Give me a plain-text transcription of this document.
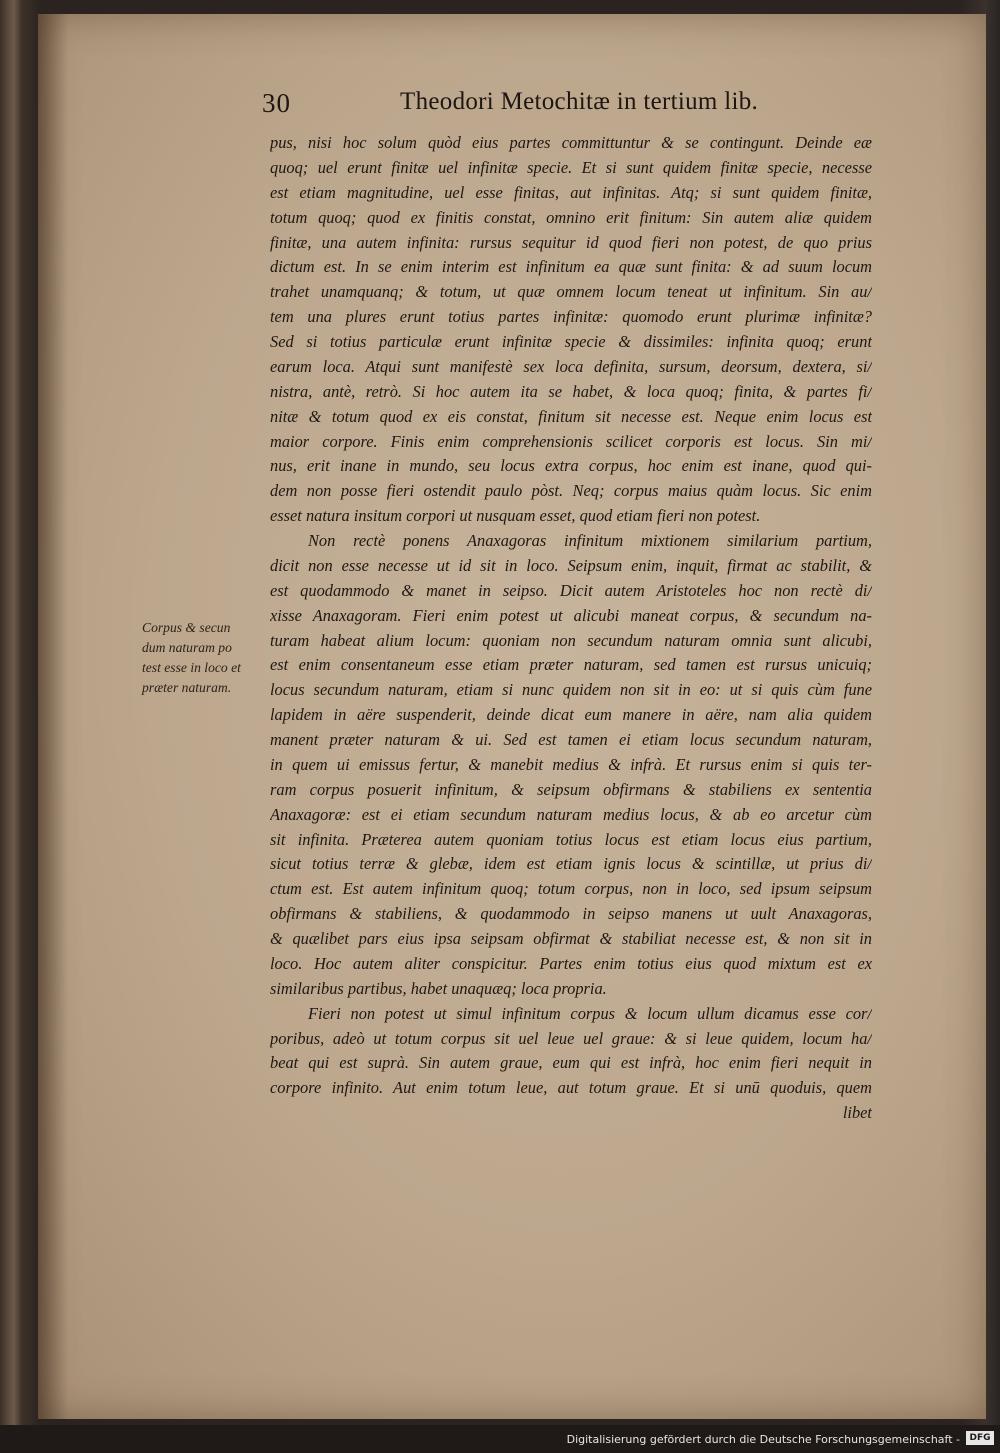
30	Theodori Metochitæ in tertium lib.
pus, nisi hoc solum quòd eius partes committuntur & se contingunt. Deinde eæ
quoq; uel erunt finitæ uel infinitæ specie. Et si sunt quidem finitæ specie, necesse
est etiam magnitudine, uel esse finitas, aut infinitas. Atq; si sunt quidem finitæ,
totum quoq; quod ex finitis constat, omnino erit finitum: Sin autem aliæ quidem
finitæ, una autem infinita: rursus sequitur id quod fieri non potest, de quo prius
dictum est. In se enim interim est infinitum ea quæ sunt finita: & ad suum locum
trahet unamquanq; & totum, ut quæ omnem locum teneat ut infinitum. Sin au/
tem una plures erunt totius partes infinitæ: quomodo erunt plurimæ infinitæ?
Sed si totius particulæ erunt infinitæ specie & dissimiles: infinita quoq; erunt
earum loca. Atqui sunt manifestè sex loca definita, sursum, deorsum, dextera, si/
nistra, antè, retrò. Si hoc autem ita se habet, & loca quoq; finita, & partes fi/
nitæ & totum quod ex eis constat, finitum sit necesse est. Neque enim locus est
maior corpore. Finis enim comprehensionis scilicet corporis est locus. Sin mi/
nus, erit inane in mundo, seu locus extra corpus, hoc enim est inane, quod qui-
dem non posse fieri ostendit paulo pòst. Neq; corpus maius quàm locus. Sic enim
esset natura insitum corpori ut nusquam esset, quod etiam fieri non potest.
Non rectè ponens Anaxagoras infinitum mixtionem similarium partium,
dicit non esse necesse ut id sit in loco. Seipsum enim, inquit, firmat ac stabilit, &
est quodammodo & manet in seipso. Dicit autem Aristoteles hoc non rectè di/
xisse Anaxagoram. Fieri enim potest ut alicubi maneat corpus, & secundum na-
turam habeat alium locum: quoniam non secundum naturam omnia sunt alicubi,
est enim consentaneum esse etiam præter naturam, sed tamen est rursus unicuiq;
locus secundum naturam, etiam si nunc quidem non sit in eo: ut si quis cùm fune
lapidem in aëre suspenderit, deinde dicat eum manere in aëre, nam alia quidem
manent præter naturam & ui. Sed est tamen ei etiam locus secundum naturam,
in quem ui emissus fertur, & manebit medius & infrà. Et rursus enim si quis ter-
ram corpus posuerit infinitum, & seipsum obfirmans & stabiliens ex sententia
Anaxagoræ: est ei etiam secundum naturam medius locus, & ab eo arcetur cùm
sit infinita. Præterea autem quoniam totius locus est etiam locus eius partium,
sicut totius terræ & glebæ, idem est etiam ignis locus & scintillæ, ut prius di/
ctum est. Est autem infinitum quoq; totum corpus, non in loco, sed ipsum seipsum
obfirmans & stabiliens, & quodammodo in seipso manens ut uult Anaxagoras,
& quælibet pars eius ipsa seipsam obfirmat & stabiliat necesse est, & non sit in
loco. Hoc autem aliter conspicitur. Partes enim totius eius quod mixtum est ex
similaribus partibus, habet unaquæq; loca propria.
Fieri non potest ut simul infinitum corpus & locum ullum dicamus esse cor/
poribus, adeò ut totum corpus sit uel leue uel graue: & si leue quidem, locum ha/
beat qui est suprà. Sin autem graue, eum qui est infrà, hoc enim fieri nequit in
corpore infinito. Aut enim totum leue, aut totum graue. Et si unū quoduis, quem
libet
Corpus & secun
dum naturam po
test esse in loco et
præter naturam.
Digitalisierung gefördert durch die Deutsche Forschungsgemeinschaft -	DFG
